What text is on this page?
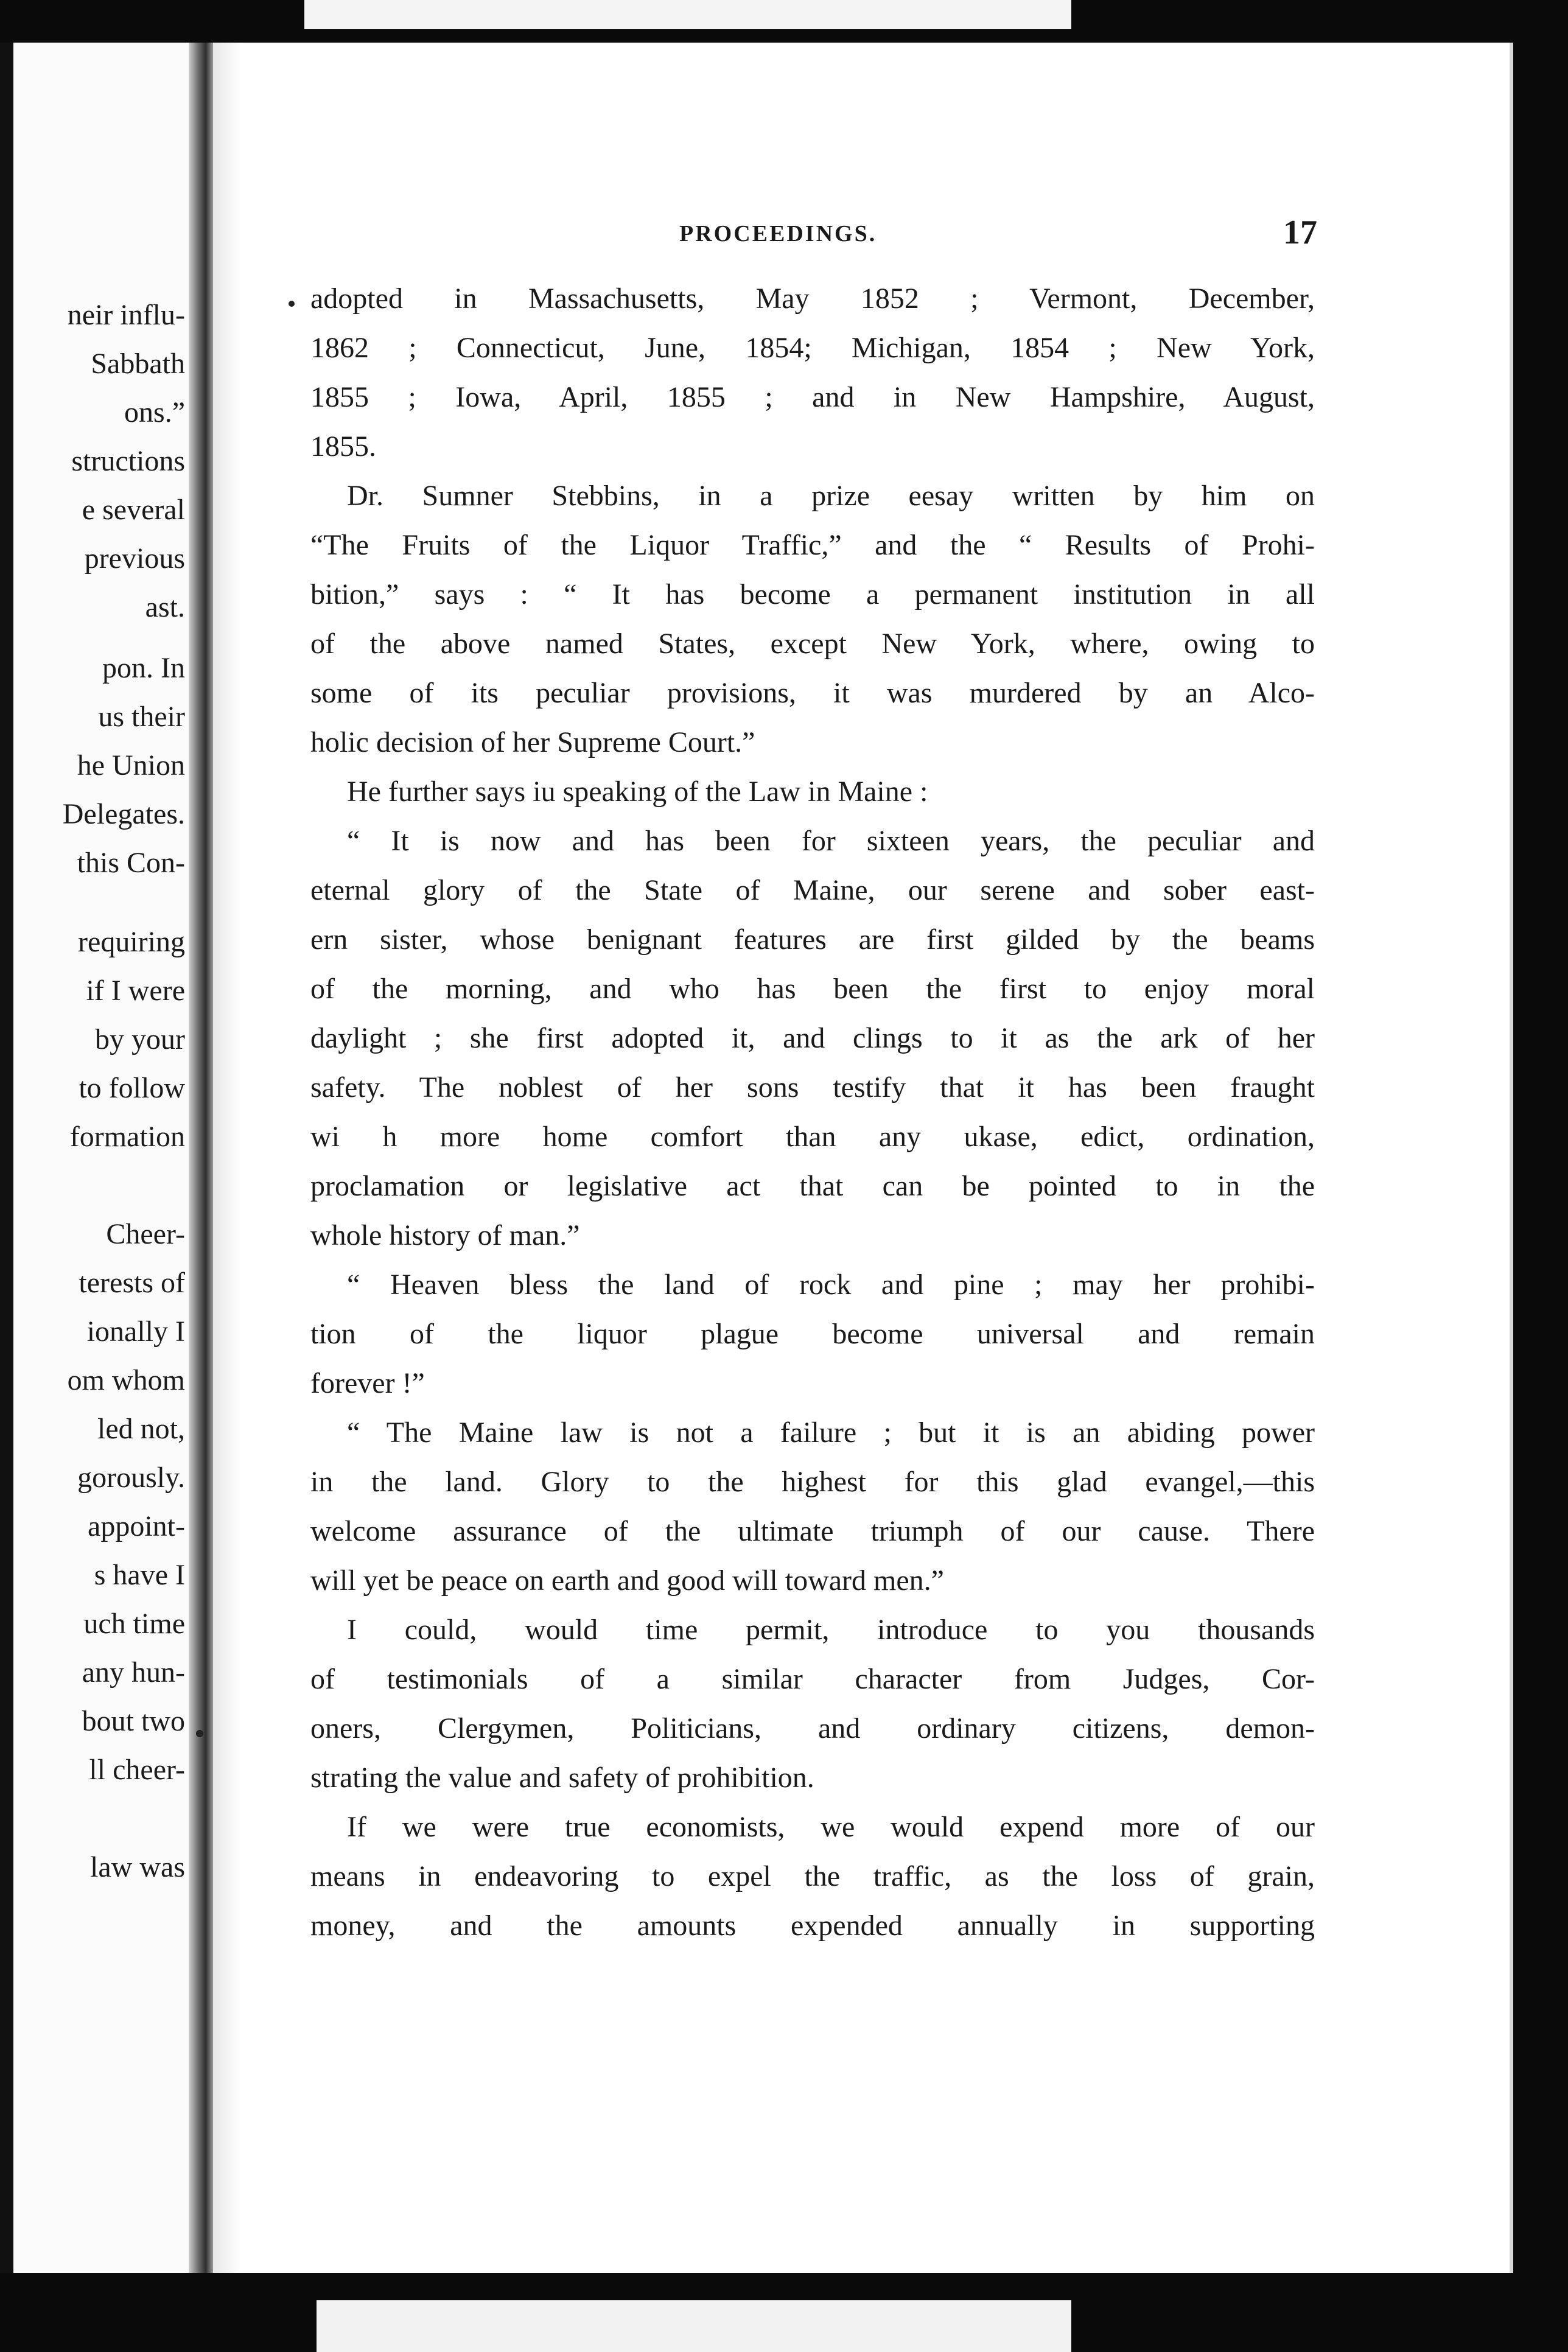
neir influ-
Sabbath
ons.”
structions
e several
previous
ast.
pon. In
us their
he Union
Delegates.
this Con-
requiring
if I were
by your
to follow
formation
Cheer-
terests of
ionally I
om whom
led not,
gorously.
appoint-
s have I
uch time
any hun-
bout two
ll cheer-
law was
PROCEEDINGS.	17
adopted in Massachusetts, May 1852 ; Vermont, December,
1862 ; Connecticut, June, 1854; Michigan, 1854 ; New York,
1855 ; Iowa, April, 1855 ; and in New Hampshire, August,
1855.
Dr. Sumner Stebbins, in a prize eesay written by him on
“The Fruits of the Liquor Traffic,” and the “ Results of Prohi-
bition,” says : “ It has become a permanent institution in all
of the above named States, except New York, where, owing to
some of its peculiar provisions, it was murdered by an Alco-
holic decision of her Supreme Court.”
He further says iu speaking of the Law in Maine :
“ It is now and has been for sixteen years, the peculiar and
eternal glory of the State of Maine, our serene and sober east-
ern sister, whose benignant features are first gilded by the beams
of the morning, and who has been the first to enjoy moral
daylight ; she first adopted it, and clings to it as the ark of her
safety. The noblest of her sons testify that it has been fraught
wi h more home comfort than any ukase, edict, ordination,
proclamation or legislative act that can be pointed to in the
whole history of man.”
“ Heaven bless the land of rock and pine ; may her prohibi-
tion of the liquor plague become universal and remain
forever !”
“ The Maine law is not a failure ; but it is an abiding power
in the land. Glory to the highest for this glad evangel,—this
welcome assurance of the ultimate triumph of our cause. There
will yet be peace on earth and good will toward men.”
I could, would time permit, introduce to you thousands
of testimonials of a similar character from Judges, Cor-
oners, Clergymen, Politicians, and ordinary citizens, demon-
strating the value and safety of prohibition.
If we were true economists, we would expend more of our
means in endeavoring to expel the traffic, as the loss of grain,
money, and the amounts expended annually in supporting
